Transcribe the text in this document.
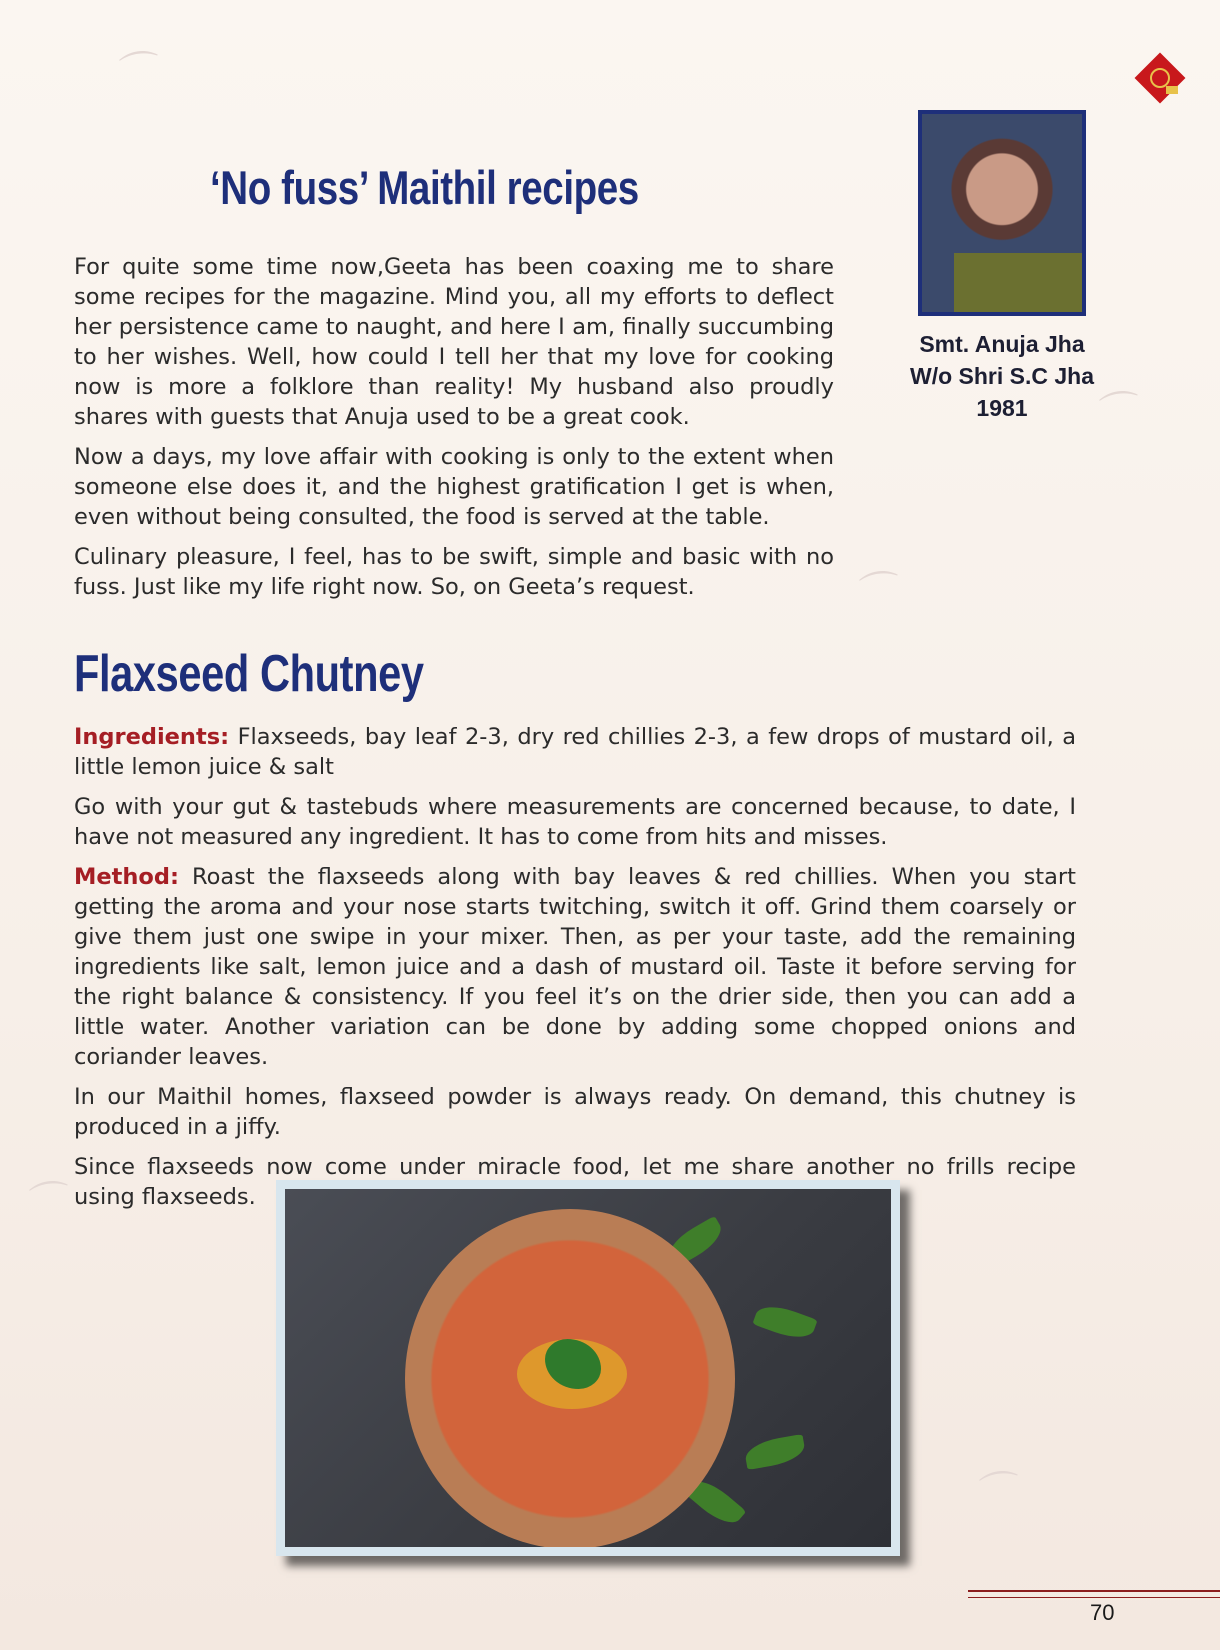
⌒
⌒
⌒
⌒
⌒
‘No fuss’ Maithil recipes

For quite some time now,Geeta has been coaxing me to share some recipes for the magazine. Mind you, all my efforts to deflect her persistence came to naught, and here I am, finally succumbing to her wishes. Well, how could I tell her that my love for cooking now is more a folklore than reality! My husband also proudly shares with guests that Anuja used to be a great cook.

Now a days, my love affair with cooking is only to the extent when someone else does it, and the highest gratification I get is when, even without being consulted, the food is served at the table.

Culinary pleasure, I feel, has to be swift, simple and basic with no fuss. Just like my life right now. So, on Geeta’s request.

Smt. Anuja Jha
W/o Shri S.C Jha
1981
Flaxseed Chutney

Ingredients: Flaxseeds, bay leaf 2-3, dry red chillies 2-3, a few drops of mustard oil, a little lemon juice & salt

Go with your gut & tastebuds where measurements are concerned because, to date, I have not measured any ingredient. It has to come from hits and misses.

Method: Roast the flaxseeds along with bay leaves & red chillies. When you start getting the aroma and your nose starts twitching, switch it off. Grind them coarsely or give them just one swipe in your mixer. Then, as per your taste, add the remaining ingredients like salt, lemon juice and a dash of mustard oil. Taste it before serving for the right balance & consistency. If you feel it’s on the drier side, then you can add a little water. Another variation can be done by adding some chopped onions and coriander leaves.

In our Maithil homes, flaxseed powder is always ready. On demand, this chutney is produced in a jiffy.

Since flaxseeds now come under miracle food, let me share another no frills recipe using flaxseeds.

70
